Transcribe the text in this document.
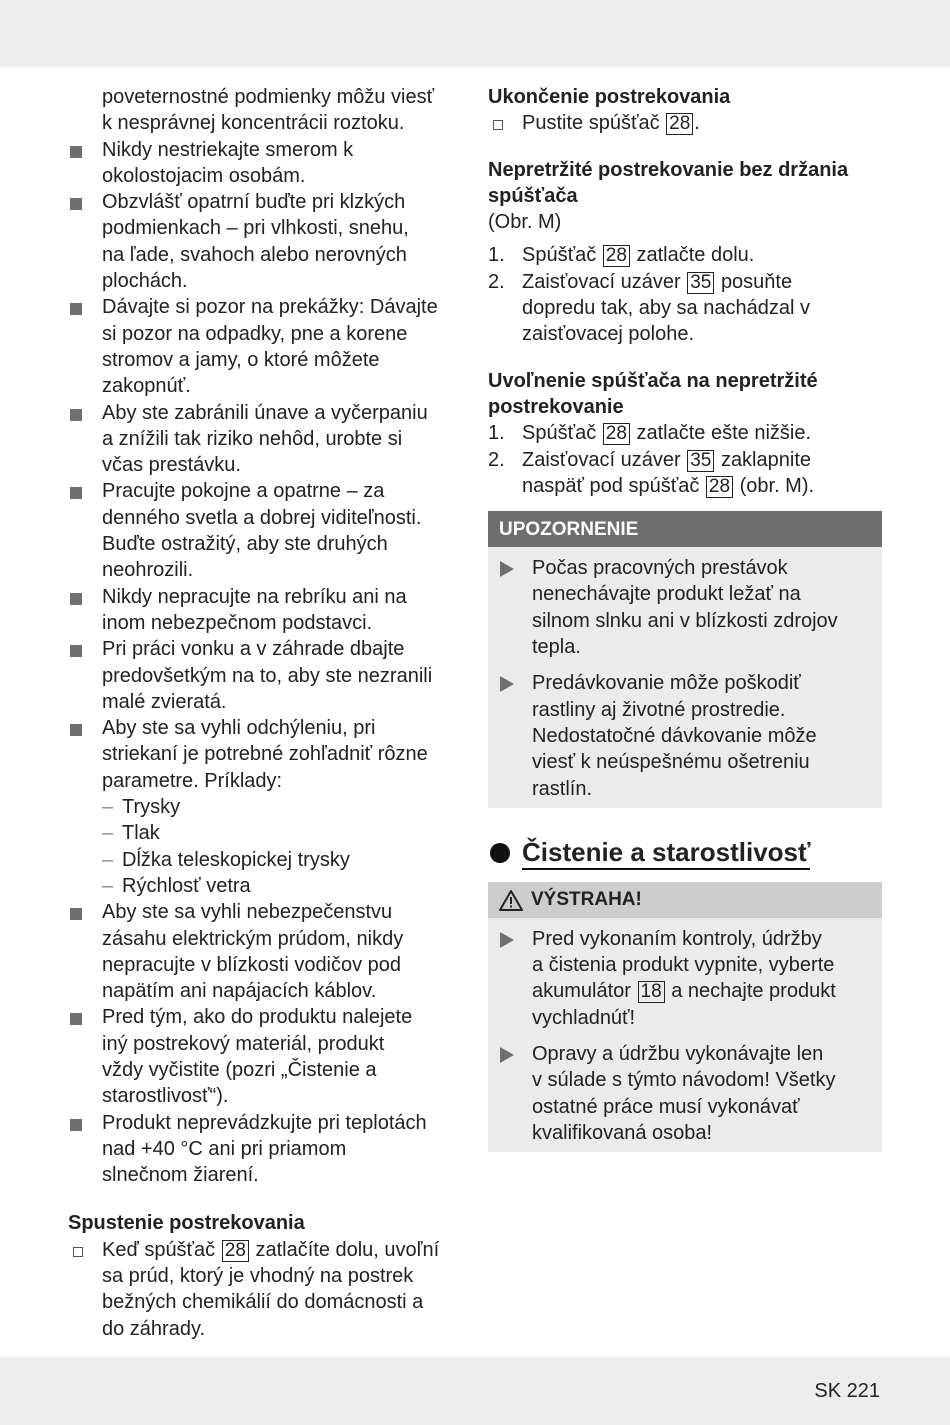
poveternostné podmienky môžu viesť
k nesprávnej koncentrácii roztoku.
Nikdy nestriekajte smerom k
okolostojacim osobám.
Obzvlášť opatrní buďte pri klzkých
podmienkach – pri vlhkosti, snehu,
na ľade, svahoch alebo nerovných
plochách.
Dávajte si pozor na prekážky: Dávajte
si pozor na odpadky, pne a korene
stromov a jamy, o ktoré môžete
zakopnúť.
Aby ste zabránili únave a vyčerpaniu
a znížili tak riziko nehôd, urobte si
včas prestávku.
Pracujte pokojne a opatrne – za
denného svetla a dobrej viditeľnosti.
Buďte ostražitý, aby ste druhých
neohrozili.
Nikdy nepracujte na rebríku ani na
inom nebezpečnom podstavci.
Pri práci vonku a v záhrade dbajte
predovšetkým na to, aby ste nezranili
malé zvieratá.
Aby ste sa vyhli odchýleniu, pri
striekaní je potrebné zohľadniť rôzne
parametre. Príklady:
– Trysky
– Tlak
– Dĺžka teleskopickej trysky
– Rýchlosť vetra
Aby ste sa vyhli nebezpečenstvu
zásahu elektrickým prúdom, nikdy
nepracujte v blízkosti vodičov pod
napätím ani napájacích káblov.
Pred tým, ako do produktu nalejete
iný postrekový materiál, produkt
vždy vyčistite (pozri „Čistenie a
starostlivosť“).
Produkt neprevádzkujte pri teplotách
nad +40 °C ani pri priamom
slnečnom žiarení.
Spustenie postrekovania
Keď spúšťač 28 zatlačíte dolu, uvoľní
sa prúd, ktorý je vhodný na postrek
bežných chemikálií do domácnosti a
do záhrady.
Ukončenie postrekovania
Pustite spúšťač 28 .
Nepretržité postrekovanie bez držania
spúšťača
(Obr. M)
1. Spúšťač 28 zatlačte dolu.
2. Zaisťovací uzáver 35 posuňte
dopredu tak, aby sa nachádzal v
zaisťovacej polohe.
Uvoľnenie spúšťača na nepretržité
postrekovanie
1. Spúšťač 28 zatlačte ešte nižšie.
2. Zaisťovací uzáver 35 zaklapnite
naspäť pod spúšťač 28 (obr. M).
UPOZORNENIE
Počas pracovných prestávok
nenechávajte produkt ležať na
silnom slnku ani v blízkosti zdrojov
tepla.
Predávkovanie môže poškodiť
rastliny aj životné prostredie.
Nedostatočné dávkovanie môže
viesť k neúspešnému ošetreniu
rastlín.
Čistenie a starostlivosť
VÝSTRAHA!
Pred vykonaním kontroly, údržby
a čistenia produkt vypnite, vyberte
akumulátor 18 a nechajte produkt
vychladnúť!
Opravy a údržbu vykonávajte len
v súlade s týmto návodom! Všetky
ostatné práce musí vykonávať
kvalifikovaná osoba!
SK 221
